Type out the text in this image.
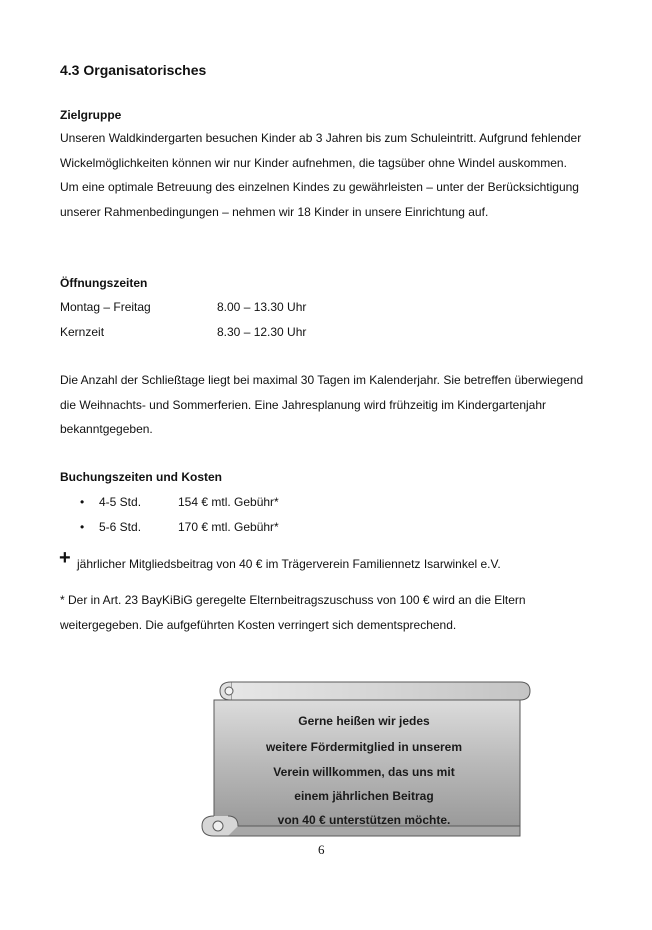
4.3 Organisatorisches
Zielgruppe
Unseren Waldkindergarten besuchen Kinder ab 3 Jahren bis zum Schuleintritt. Aufgrund fehlender
Wickelmöglichkeiten können wir nur Kinder aufnehmen, die tagsüber ohne Windel auskommen.
Um eine optimale Betreuung des einzelnen Kindes zu gewährleisten – unter der Berücksichtigung
unserer Rahmenbedingungen – nehmen wir 18 Kinder in unsere Einrichtung auf.
Öffnungszeiten
Montag – Freitag	8.00 – 13.30 Uhr
Kernzeit	8.30 – 12.30 Uhr
Die Anzahl der Schließtage liegt bei maximal 30 Tagen im Kalenderjahr. Sie betreffen überwiegend
die Weihnachts- und Sommerferien. Eine Jahresplanung wird frühzeitig im Kindergartenjahr
bekanntgegeben.
Buchungszeiten und Kosten
• 4-5 Std.	154 € mtl. Gebühr*
• 5-6 Std.	170 € mtl. Gebühr*
+ jährlicher Mitgliedsbeitrag von 40 € im Trägerverein Familiennetz Isarwinkel e.V.
* Der in Art. 23 BayKiBiG geregelte Elternbeitragszuschuss von 100 € wird an die Eltern
weitergegeben. Die aufgeführten Kosten verringert sich dementsprechend.
Gerne heißen wir jedes
weitere Fördermitglied in unserem
Verein willkommen, das uns mit
einem jährlichen Beitrag
von 40 € unterstützen möchte.
6
